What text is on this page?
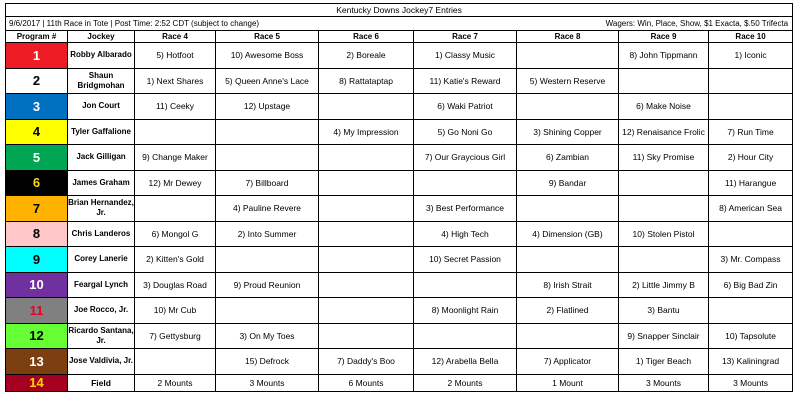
Kentucky Downs Jockey7 Entries								
9/6/2017 | 11th Race in Tote | Post Time: 2:52 CDT (subject to change)					Wagers: Win, Place, Show, $1 Exacta, $.50 Trifecta			
Program #	Jockey	Race 4	Race 5	Race 6	Race 7	Race 8	Race 9	Race 10
1	Robby Albarado	5) Hotfoot	10) Awesome Boss	2) Boreale	1) Classy Music		8) John Tippmann	1) Iconic
2	Shaun Bridgmohan	1) Next Shares	5) Queen Anne's Lace	8) Rattataptap	11) Katie's Reward	5) Western Reserve		
3	Jon Court	11) Ceeky	12) Upstage		6) Waki Patriot		6) Make Noise	
4	Tyler Gaffalione			4) My Impression	5) Go Noni Go	3) Shining Copper	12) Renaisance Frolic	7) Run Time
5	Jack Gilligan	9) Change Maker			7) Our Graycious Girl	6) Zambian	11) Sky Promise	2) Hour City
6	James Graham	12) Mr Dewey	7) Billboard			9) Bandar		11) Harangue
7	Brian Hernandez, Jr.		4) Pauline Revere		3) Best Performance			8) American Sea
8	Chris Landeros	6) Mongol G	2) Into Summer		4) High Tech	4) Dimension (GB)	10) Stolen Pistol	
9	Corey Lanerie	2) Kitten's Gold			10) Secret Passion			3) Mr. Compass
10	Feargal Lynch	3) Douglas Road	9) Proud Reunion			8) Irish Strait	2) Little Jimmy B	6) Big Bad Zin
11	Joe Rocco, Jr.	10) Mr Cub			8) Moonlight Rain	2) Flatlined	3) Bantu	
12	Ricardo Santana, Jr.	7) Gettysburg	3) On My Toes				9) Snapper Sinclair	10) Tapsolute
13	Jose Valdivia, Jr.		15) Defrock	7) Daddy's Boo	12) Arabella Bella	7) Applicator	1) Tiger Beach	13) Kaliningrad
14	Field	2 Mounts	3 Mounts	6 Mounts	2 Mounts	1 Mount	3 Mounts	3 Mounts
